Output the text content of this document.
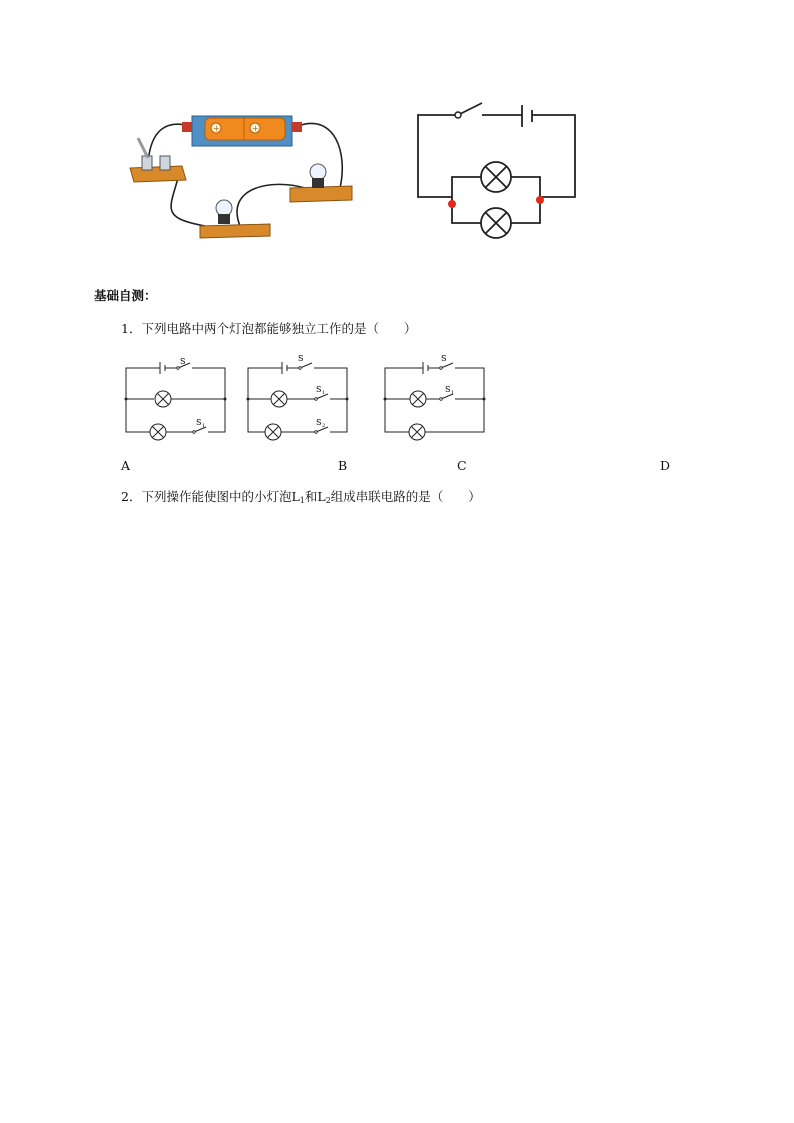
+	+
基础自测：
1．下列电路中两个灯泡都能够独立工作的是（　　）
S
S 1
S
S 1
S 2
S
S 1
A	B	C	D
2．下列操作能使图中的小灯泡$L_1$和$L_2$组成串联电路的是（　　）
